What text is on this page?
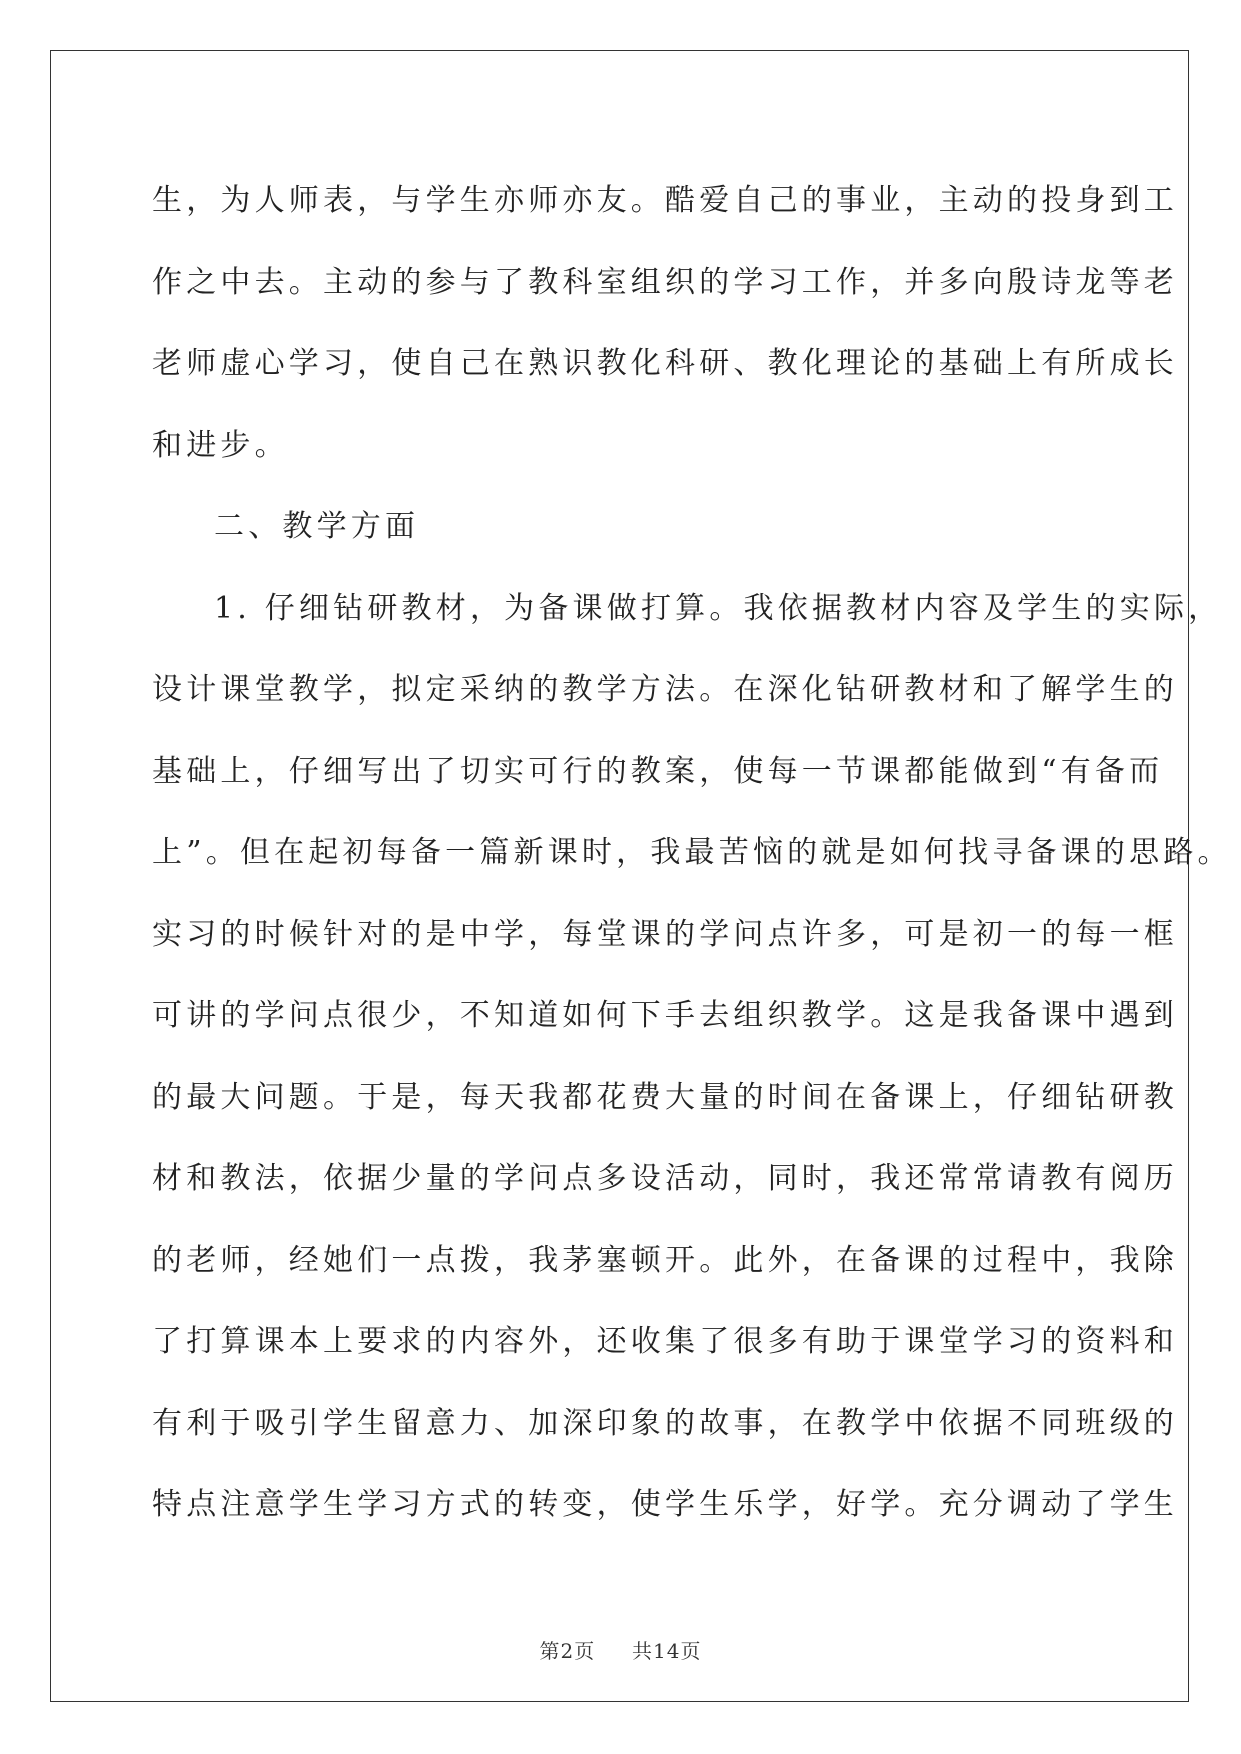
生，为人师表，与学生亦师亦友。酷爱自己的事业，主动的投身到工
作之中去。主动的参与了教科室组织的学习工作，并多向殷诗龙等老
老师虚心学习，使自己在熟识教化科研、教化理论的基础上有所成长
和进步。
二、教学方面
1. 仔细钻研教材，为备课做打算。我依据教材内容及学生的实际，
设计课堂教学，拟定采纳的教学方法。在深化钻研教材和了解学生的
基础上，仔细写出了切实可行的教案，使每一节课都能做到“有备而
上”。但在起初每备一篇新课时，我最苦恼的就是如何找寻备课的思路。
实习的时候针对的是中学，每堂课的学问点许多，可是初一的每一框
可讲的学问点很少，不知道如何下手去组织教学。这是我备课中遇到
的最大问题。于是，每天我都花费大量的时间在备课上，仔细钻研教
材和教法，依据少量的学问点多设活动，同时，我还常常请教有阅历
的老师，经她们一点拨，我茅塞顿开。此外，在备课的过程中，我除
了打算课本上要求的内容外，还收集了很多有助于课堂学习的资料和
有利于吸引学生留意力、加深印象的故事，在教学中依据不同班级的
特点注意学生学习方式的转变，使学生乐学，好学。充分调动了学生
第2页 共14页
